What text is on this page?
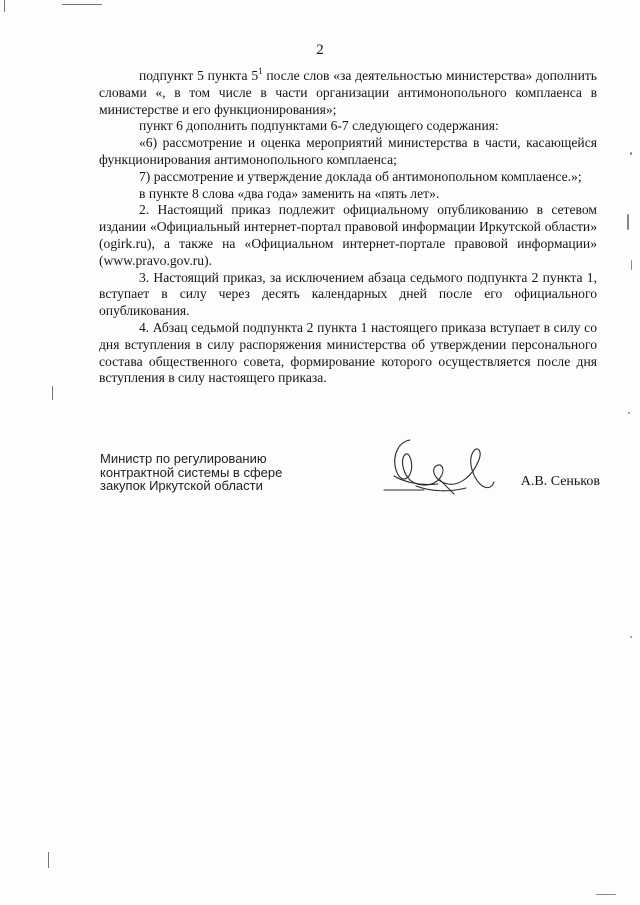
2

подпункт 5 пункта $5^1$ после слов «за деятельностью министерства» дополнить словами «, в том числе в части организации антимонопольного комплаенса в министерстве и его функционирования»;

пункт 6 дополнить подпунктами 6-7 следующего содержания:

«6) рассмотрение и оценка мероприятий министерства в части, касающейся функционирования антимонопольного комплаенса;

7) рассмотрение и утверждение доклада об антимонопольном комплаенсе.»;

в пункте 8 слова «два года» заменить на «пять лет».

2. Настоящий приказ подлежит официальному опубликованию в сетевом издании «Официальный интернет-портал правовой информации Иркутской области» (ogirk.ru), а также на «Официальном интернет-портале правовой информации» (www.pravo.gov.ru).

3. Настоящий приказ, за исключением абзаца седьмого подпункта 2 пункта 1, вступает в силу через десять календарных дней после его официального опубликования.

4. Абзац седьмой подпункта 2 пункта 1 настоящего приказа вступает в силу со дня вступления в силу распоряжения министерства об утверждении персонального состава общественного совета, формирование которого осуществляется после дня вступления в силу настоящего приказа.

Министр по регулированию
контрактной системы в сфере
закупок Иркутской области	А.В. Сеньков
